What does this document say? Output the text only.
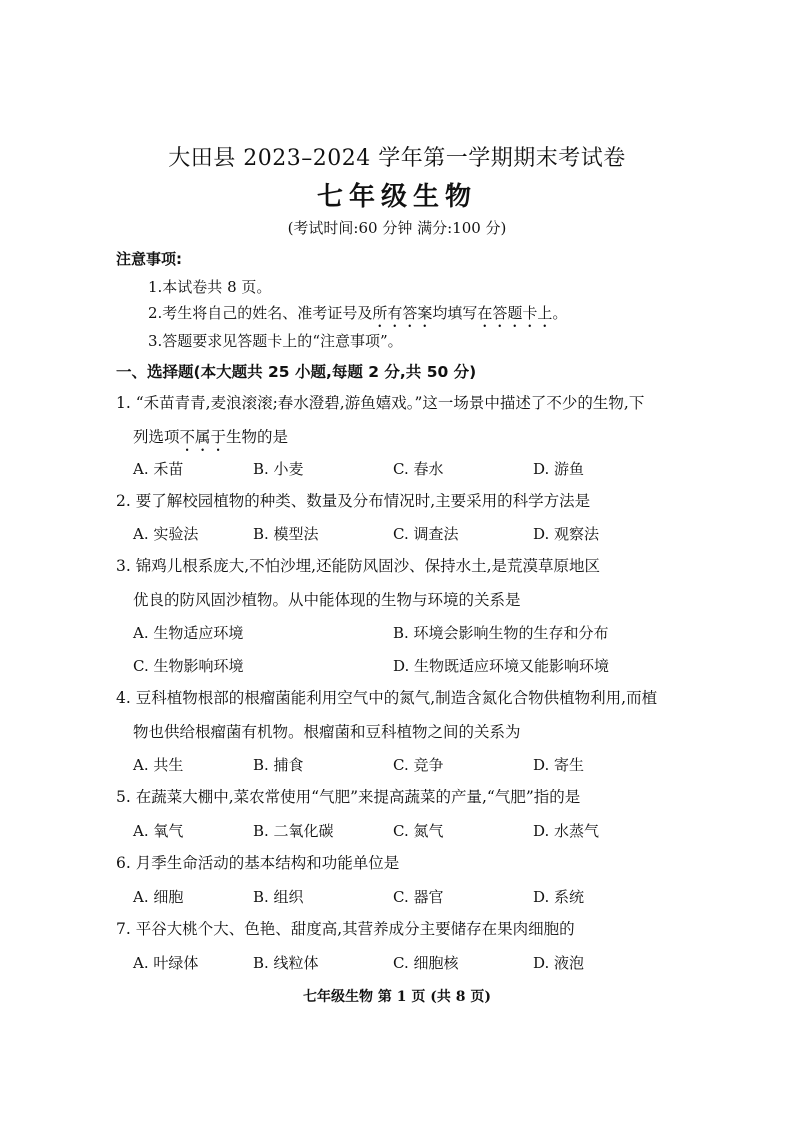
大田县 2023–2024 学年第一学期期末考试卷
七年级生物
(考试时间:60 分钟 满分:100 分)
注意事项:
1.本试卷共 8 页。
2.考生将自己的姓名、准考证号及所有答案均填写在答题卡上。
3.答题要求见答题卡上的“注意事项”。
一、选择题(本大题共 25 小题,每题 2 分,共 50 分)
1. “禾苗青青,麦浪滚滚;春水澄碧,游鱼嬉戏。”这一场景中描述了不少的生物,下
列选项不属于生物的是
A. 禾苗	B. 小麦	C. 春水	D. 游鱼
2. 要了解校园植物的种类、数量及分布情况时,主要采用的科学方法是
A. 实验法	B. 模型法	C. 调查法	D. 观察法
3. 锦鸡儿根系庞大,不怕沙埋,还能防风固沙、保持水土,是荒漠草原地区
优良的防风固沙植物。从中能体现的生物与环境的关系是
A. 生物适应环境	B. 环境会影响生物的生存和分布
C. 生物影响环境	D. 生物既适应环境又能影响环境
4. 豆科植物根部的根瘤菌能利用空气中的氮气,制造含氮化合物供植物利用,而植
物也供给根瘤菌有机物。根瘤菌和豆科植物之间的关系为
A. 共生	B. 捕食	C. 竞争	D. 寄生
5. 在蔬菜大棚中,菜农常使用“气肥”来提高蔬菜的产量,“气肥”指的是
A. 氧气	B. 二氧化碳	C. 氮气	D. 水蒸气
6. 月季生命活动的基本结构和功能单位是
A. 细胞	B. 组织	C. 器官	D. 系统
7. 平谷大桃个大、色艳、甜度高,其营养成分主要储存在果肉细胞的
A. 叶绿体	B. 线粒体	C. 细胞核	D. 液泡
七年级生物 第 1 页 (共 8 页)
